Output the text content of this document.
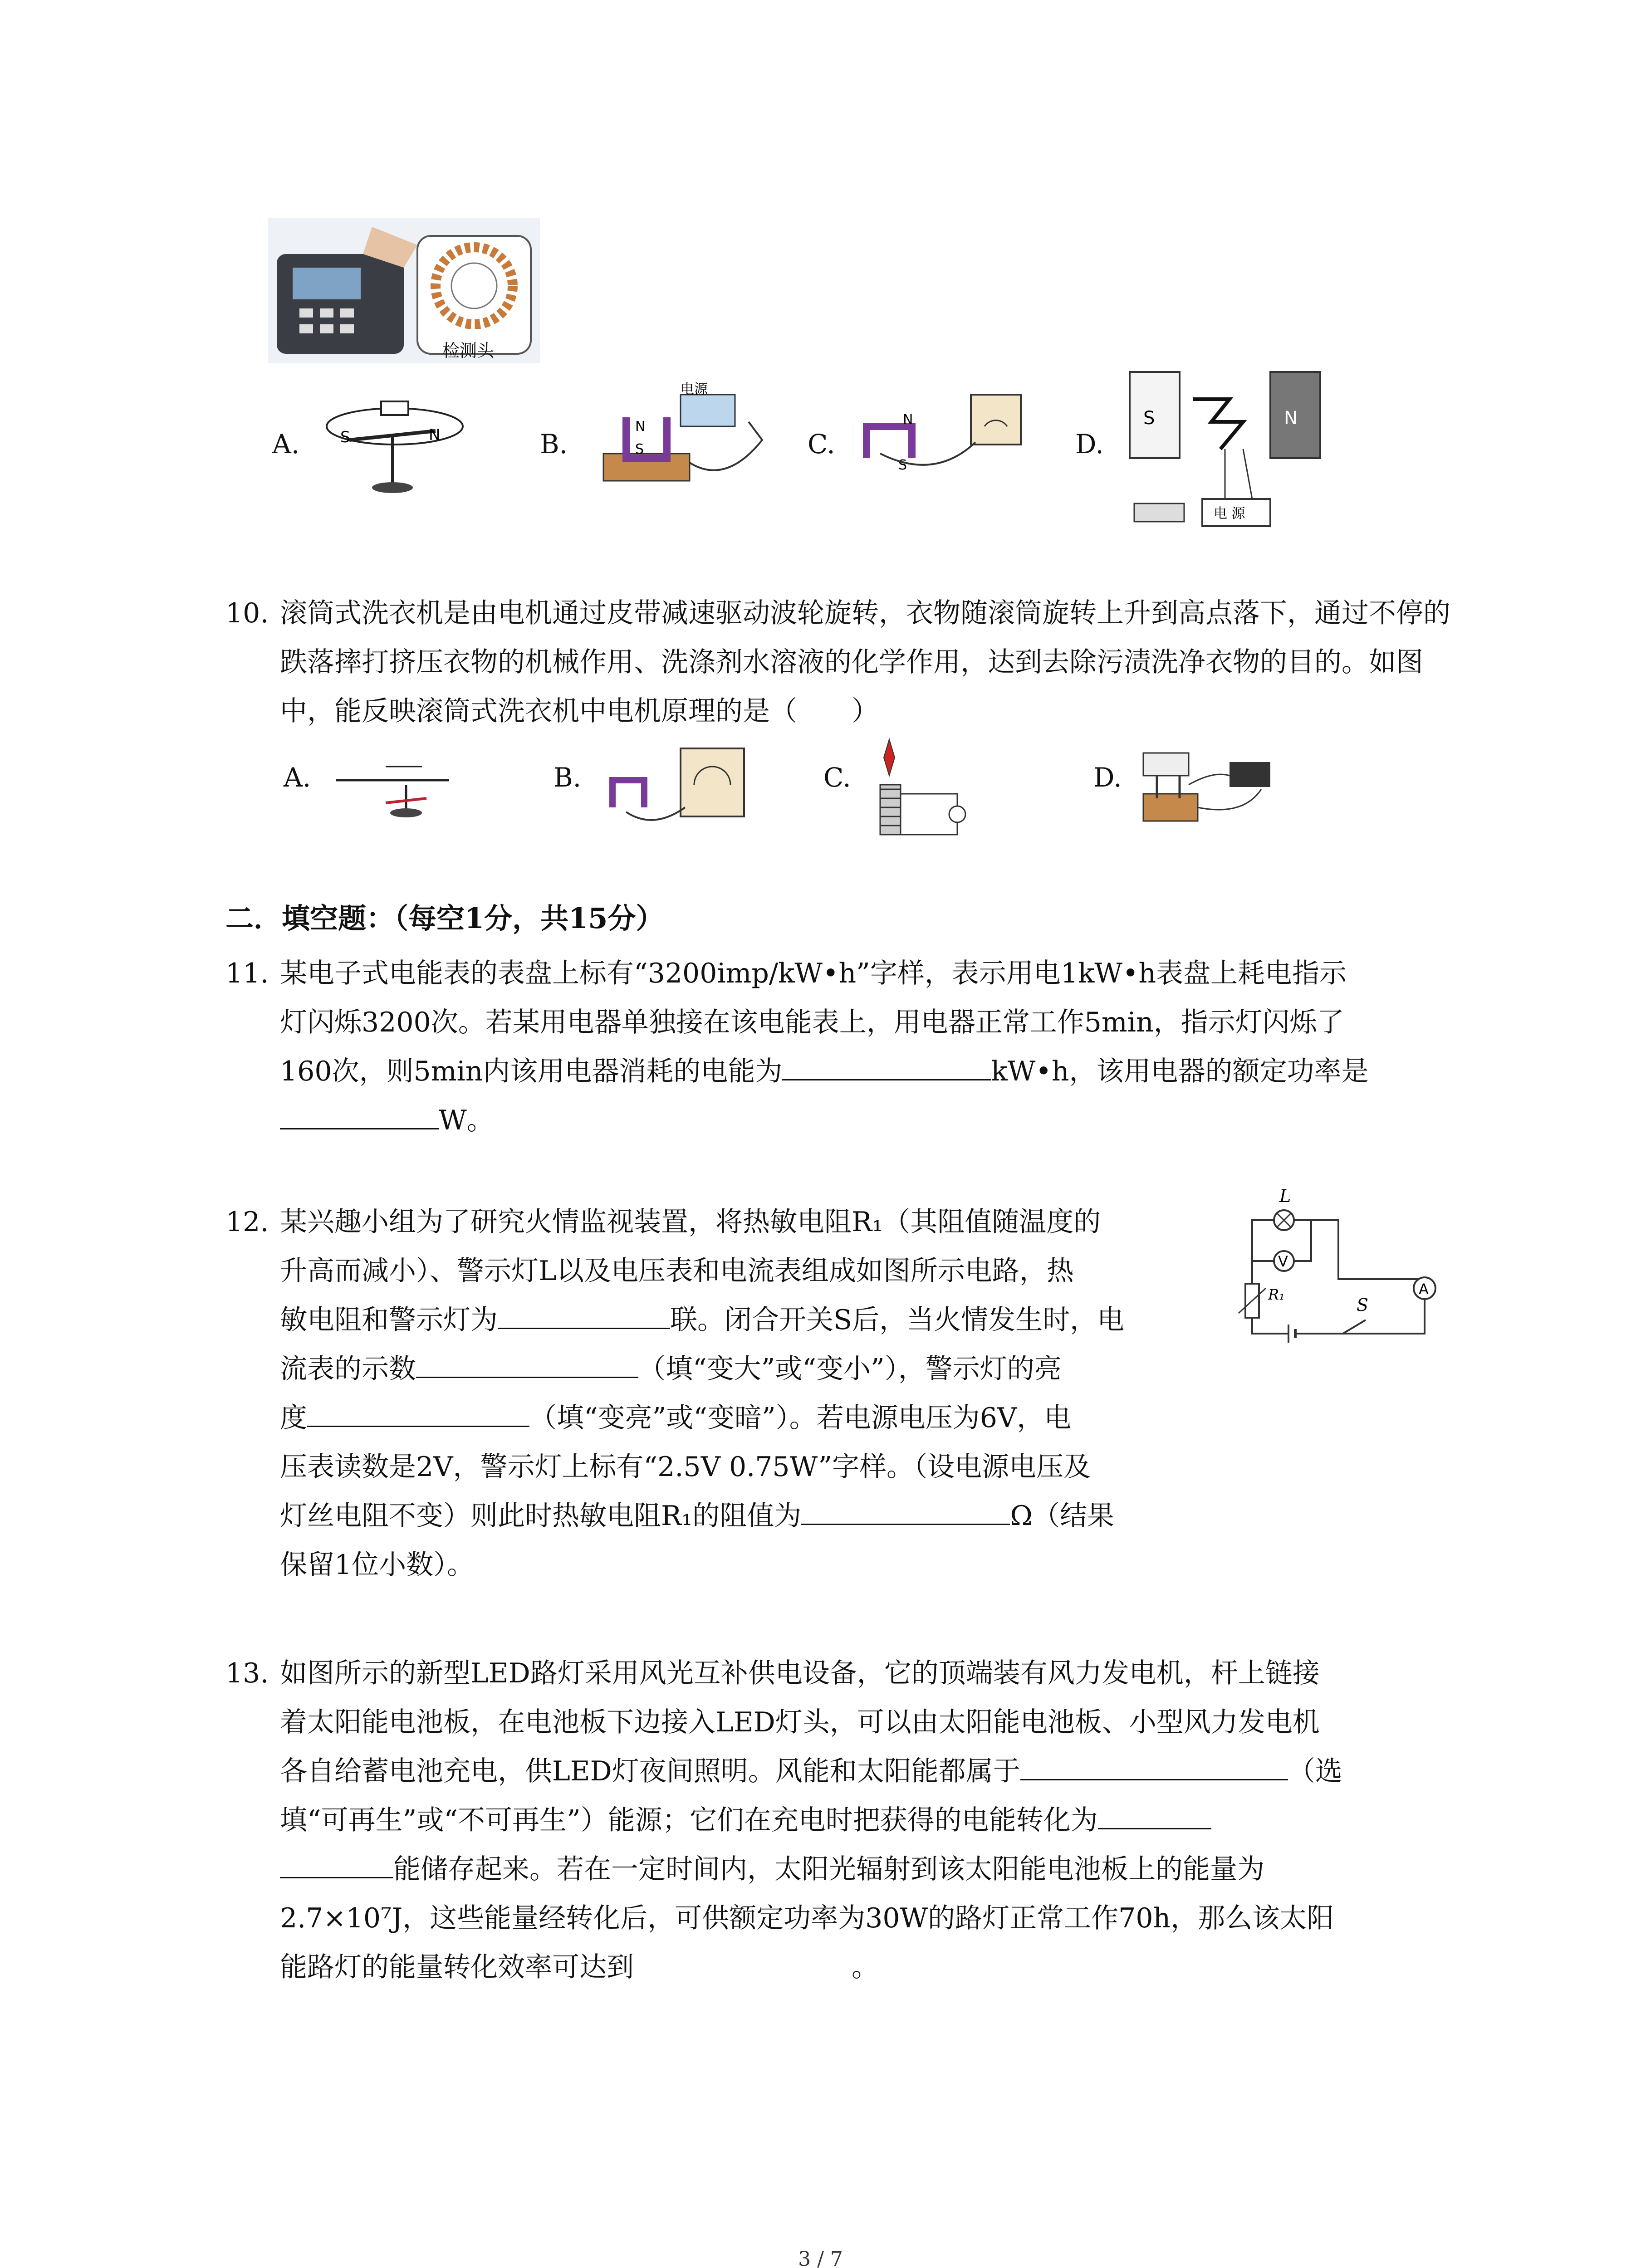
检测头
A.	S	N	B.
电源
N
S	C.
N
S
D.
S	N
电 源
10. 滚筒式洗衣机是由电机通过皮带减速驱动波轮旋转，衣物随滚筒旋转上升到高点落下，通过不停的跌落摔打挤压衣物的机械作用、洗涤剂水溶液的化学作用，达到去除污渍洗净衣物的目的。如图中，能反映滚筒式洗衣机中电机原理的是（　　）
A.	B.	C.	D.
二．填空题：（每空1分，共15分）
11. 某电子式电能表的表盘上标有“3200imp/kW•h”字样，表示用电1kW•h表盘上耗电指示
灯闪烁3200次。若某用电器单独接在该电能表上，用电器正常工作5min，指示灯闪烁了
160次，则5min内该用电器消耗的电能为	kW•h，该用电器的额定功率是
W。
12. 某兴趣小组为了研究火情监视装置，将热敏电阻R₁（其阻值随温度的
升高而减小）、警示灯L以及电压表和电流表组成如图所示电路，热
敏电阻和警示灯为	联。闭合开关S后，当火情发生时，电
流表的示数	（填“变大”或“变小”），警示灯的亮
度	（填“变亮”或“变暗”）。若电源电压为6V，电
压表读数是2V，警示灯上标有“2.5V 0.75W”字样。（设电源电压及
灯丝电阻不变）则此时热敏电阻R₁的阻值为	Ω（结果
保留1位小数）。
L
V
A
R₁
S
13. 如图所示的新型LED路灯采用风光互补供电设备，它的顶端装有风力发电机，杆上链接
着太阳能电池板，在电池板下边接入LED灯头，可以由太阳能电池板、小型风力发电机
各自给蓄电池充电，供LED灯夜间照明。风能和太阳能都属于	（选
填“可再生”或“不可再生”）能源；它们在充电时把获得的电能转化为
能储存起来。若在一定时间内，太阳光辐射到该太阳能电池板上的能量为
2.7×10⁷J，这些能量经转化后，可供额定功率为30W的路灯正常工作70h，那么该太阳
能路灯的能量转化效率可达到	。
3 / 7
